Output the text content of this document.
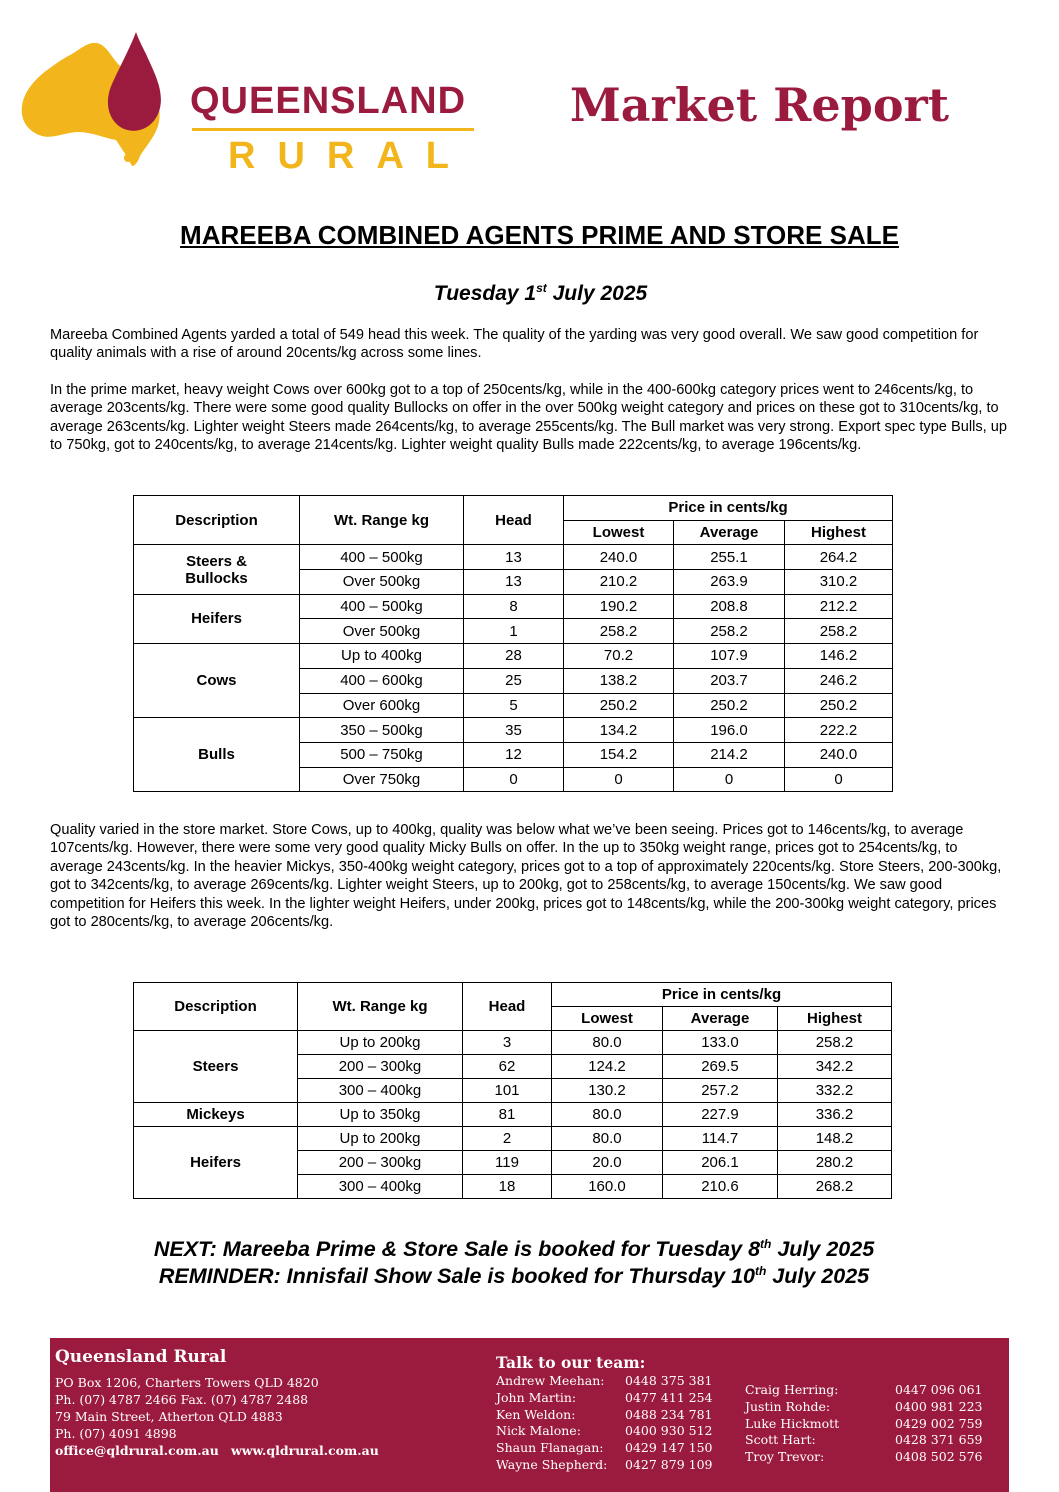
QUEENSLAND
RURAL
Market Report
MAREEBA COMBINED AGENTS PRIME AND STORE SALE
Tuesday 1st July 2025

Mareeba Combined Agents yarded a total of 549 head this week. The quality of the yarding was very good overall. We saw good competition for quality animals with a rise of around 20cents/kg across some lines.

In the prime market, heavy weight Cows over 600kg got to a top of 250cents/kg, while in the 400-600kg category prices went to 246cents/kg, to average 203cents/kg. There were some good quality Bullocks on offer in the over 500kg weight category and prices on these got to 310cents/kg, to average 263cents/kg. Lighter weight Steers made 264cents/kg, to average 255cents/kg. The Bull market was very strong. Export spec type Bulls, up to 750kg, got to 240cents/kg, to average 214cents/kg. Lighter weight quality Bulls made 222cents/kg, to average 196cents/kg.

Description	Wt. Range kg	Head	Price in cents/kg		
			Lowest	Average	Highest
Steers & Bullocks	400 – 500kg	13	240.0	255.1	264.2
	Over 500kg	13	210.2	263.9	310.2
Heifers	400 – 500kg	8	190.2	208.8	212.2
	Over 500kg	1	258.2	258.2	258.2
Cows	Up to 400kg	28	70.2	107.9	146.2
	400 – 600kg	25	138.2	203.7	246.2
	Over 600kg	5	250.2	250.2	250.2
Bulls	350 – 500kg	35	134.2	196.0	222.2
	500 – 750kg	12	154.2	214.2	240.0
	Over 750kg	0	0	0	0

Quality varied in the store market. Store Cows, up to 400kg, quality was below what we’ve been seeing. Prices got to 146cents/kg, to average 107cents/kg. However, there were some very good quality Micky Bulls on offer. In the up to 350kg weight range, prices got to 254cents/kg, to average 243cents/kg. In the heavier Mickys, 350-400kg weight category, prices got to a top of approximately 220cents/kg. Store Steers, 200-300kg, got to 342cents/kg, to average 269cents/kg. Lighter weight Steers, up to 200kg, got to 258cents/kg, to average 150cents/kg. We saw good competition for Heifers this week. In the lighter weight Heifers, under 200kg, prices got to 148cents/kg, while the 200-300kg weight category, prices got to 280cents/kg, to average 206cents/kg.

Description	Wt. Range kg	Head	Price in cents/kg		
			Lowest	Average	Highest
Steers	Up to 200kg	3	80.0	133.0	258.2
	200 – 300kg	62	124.2	269.5	342.2
	300 – 400kg	101	130.2	257.2	332.2
Mickeys	Up to 350kg	81	80.0	227.9	336.2
Heifers	Up to 200kg	2	80.0	114.7	148.2
	200 – 300kg	119	20.0	206.1	280.2
	300 – 400kg	18	160.0	210.6	268.2
NEXT: Mareeba Prime & Store Sale is booked for Tuesday 8th July 2025
REMINDER: Innisfail Show Sale is booked for Thursday 10th July 2025
Queensland Rural
PO Box 1206, Charters Towers QLD 4820
Ph. (07) 4787 2466 Fax. (07) 4787 2488
79 Main Street, Atherton QLD 4883
Ph. (07) 4091 4898
office@qldrural.com.au www.qldrural.com.au
Talk to our team:
Andrew Meehan: 0448 375 381
John Martin:	0477 411 254
Ken Weldon:	0488 234 781
Nick Malone:	0400 930 512
Shaun Flanagan: 0429 147 150
Wayne Shepherd: 0427 879 109
Craig Herring:	0447 096 061
Justin Rohde:	0400 981 223
Luke Hickmott	0429 002 759
Scott Hart:	0428 371 659
Troy Trevor:	0408 502 576
